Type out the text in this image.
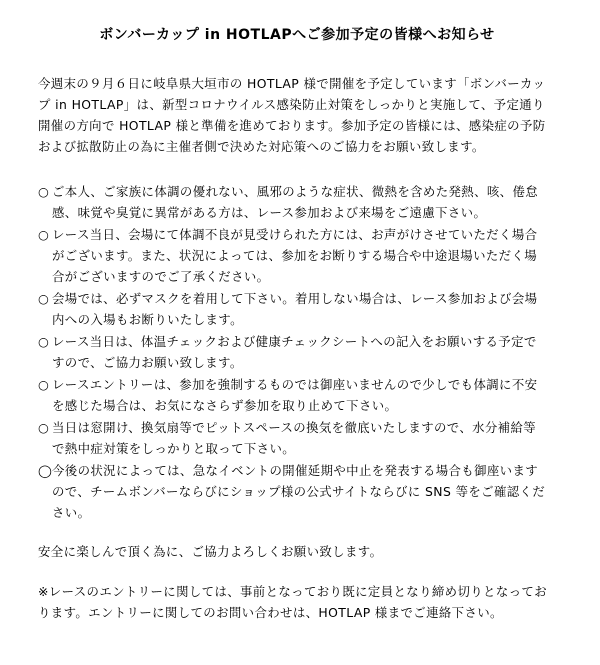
ボンバーカップ in HOTLAPへご参加予定の皆様へお知らせ

今週末の９月６日に岐阜県大垣市の HOTLAP 様で開催を予定しています「ボンバーカップ in HOTLAP」は、新型コロナウイルス感染防止対策をしっかりと実施して、予定通り開催の方向で HOTLAP 様と準備を進めております。参加予定の皆様には、感染症の予防および拡散防止の為に主催者側で決めた対応策へのご協力をお願い致します。

○ ご本人、ご家族に体調の優れない、風邪のような症状、微熱を含めた発熱、咳、倦怠感、味覚や臭覚に異常がある方は、レース参加および来場をご遠慮下さい。
○ レース当日、会場にて体調不良が見受けられた方には、お声がけさせていただく場合がございます。また、状況によっては、参加をお断りする場合や中途退場いただく場合がございますのでご了承ください。
○ 会場では、必ずマスクを着用して下さい。着用しない場合は、レース参加および会場内への入場もお断りいたします。
○ レース当日は、体温チェックおよび健康チェックシートへの記入をお願いする予定ですので、ご協力お願い致します。
○ レースエントリーは、参加を強制するものでは御座いませんので少しでも体調に不安を感じた場合は、お気になさらず参加を取り止めて下さい。
○ 当日は窓開け、換気扇等でピットスペースの換気を徹底いたしますので、水分補給等で熱中症対策をしっかりと取って下さい。
◯ 今後の状況によっては、急なイベントの開催延期や中止を発表する場合も御座いますので、チームボンバーならびにショップ様の公式サイトならびに SNS 等をご確認ください。

安全に楽しんで頂く為に、ご協力よろしくお願い致します。

※レースのエントリーに関しては、事前となっており既に定員となり締め切りとなっております。エントリーに関してのお問い合わせは、HOTLAP 様までご連絡下さい。
